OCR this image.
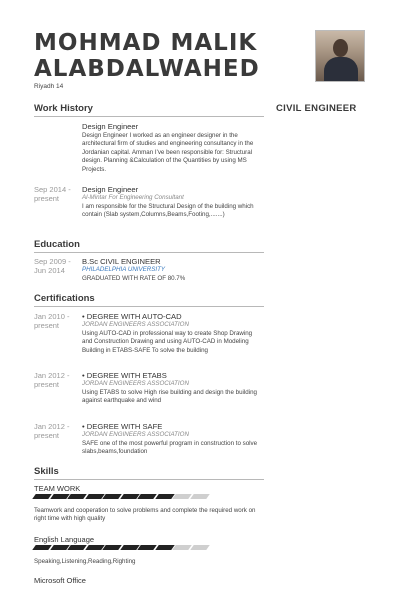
MOHMAD MALIK ALABDALWAHED
Riyadh 14
CIVIL ENGINEER
Work History
Design Engineer
Design Engineer I worked as an engineer designer in the architectural firm of studies and engineering consultancy in the Jordanian capital. Amman I've been responsible for: Structural design. Planning &Calculation of the Quantities by using MS Projects.
Sep 2014 - present
Design Engineer
Al-Mintar For Engineering Consultant
I am responsible for the Structural Design of the building which contain (Slab system,Columns,Beams,Footing,.......)
Education
Sep 2009 - Jun 2014
B.Sc CIVIL ENGINEER
PHILADELPHIA UNIVERSITY
GRADUATED WITH RATE OF 80.7%
Certifications
Jan 2010 - present
• DEGREE WITH AUTO-CAD
JORDAN ENGINEERS ASSOCIATION
Using AUTO-CAD in professional way to create Shop Drawing and Construction Drawing and using AUTO-CAD in Modeling Building in ETABS-SAFE To solve the building
Jan 2012 - present
• DEGREE WITH ETABS
JORDAN ENGINEERS ASSOCIATION
Using ETABS to solve High rise building and design the building against earthquake and wind
Jan 2012 - present
• DEGREE WITH SAFE
JORDAN ENGINEERS ASSOCIATION
SAFE one of the most powerful program in construction to solve slabs,beams,foundation
Skills
TEAM WORK
Teamwork and cooperation to solve problems and complete the required work on right time with high quality
English Language
Speaking,Listening,Reading,Righting
Microsoft Office
